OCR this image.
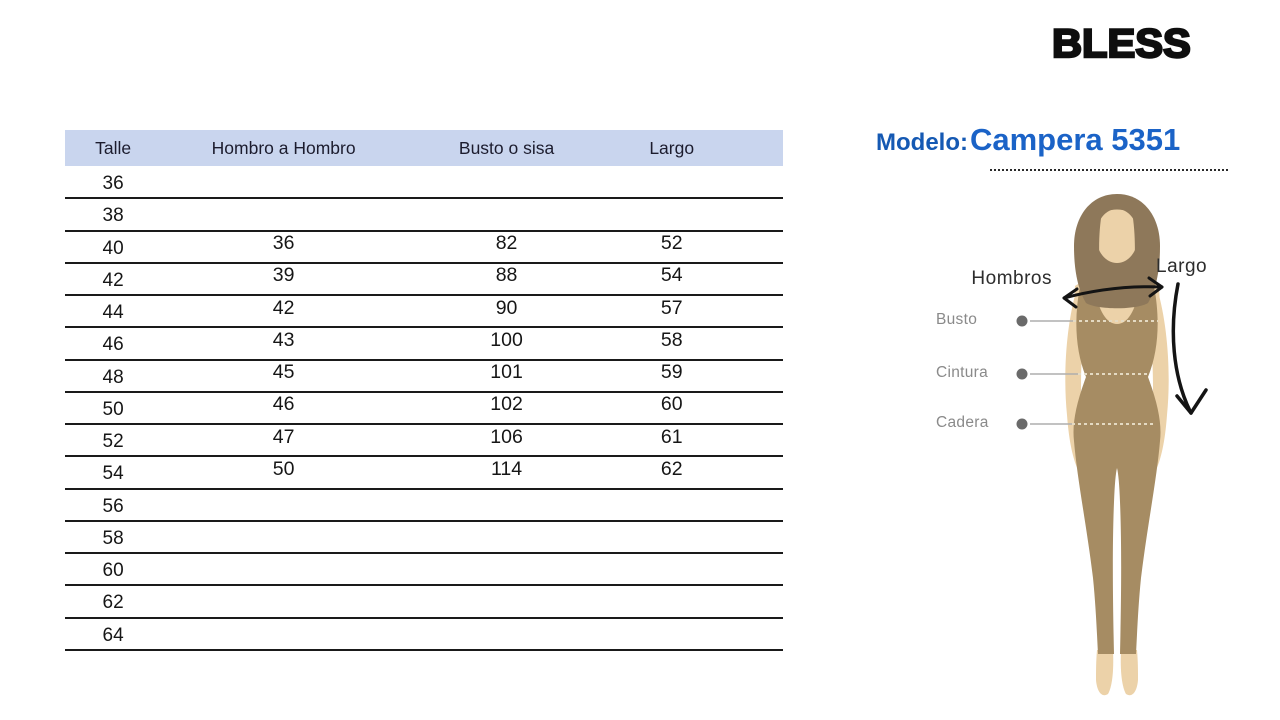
Talle	Hombro a Hombro	Busto o sisa	Largo	
36				
38				
40	36	82	52	
42	39	88	54	
44	42	90	57	
46	43	100	58	
48	45	101	59	
50	46	102	60	
52	47	106	61	
54	50	114	62	
56				
58				
60				
62				
64				
BLESS
Modelo: Campera 5351
Hombros
Largo
Busto
Cintura
Cadera
